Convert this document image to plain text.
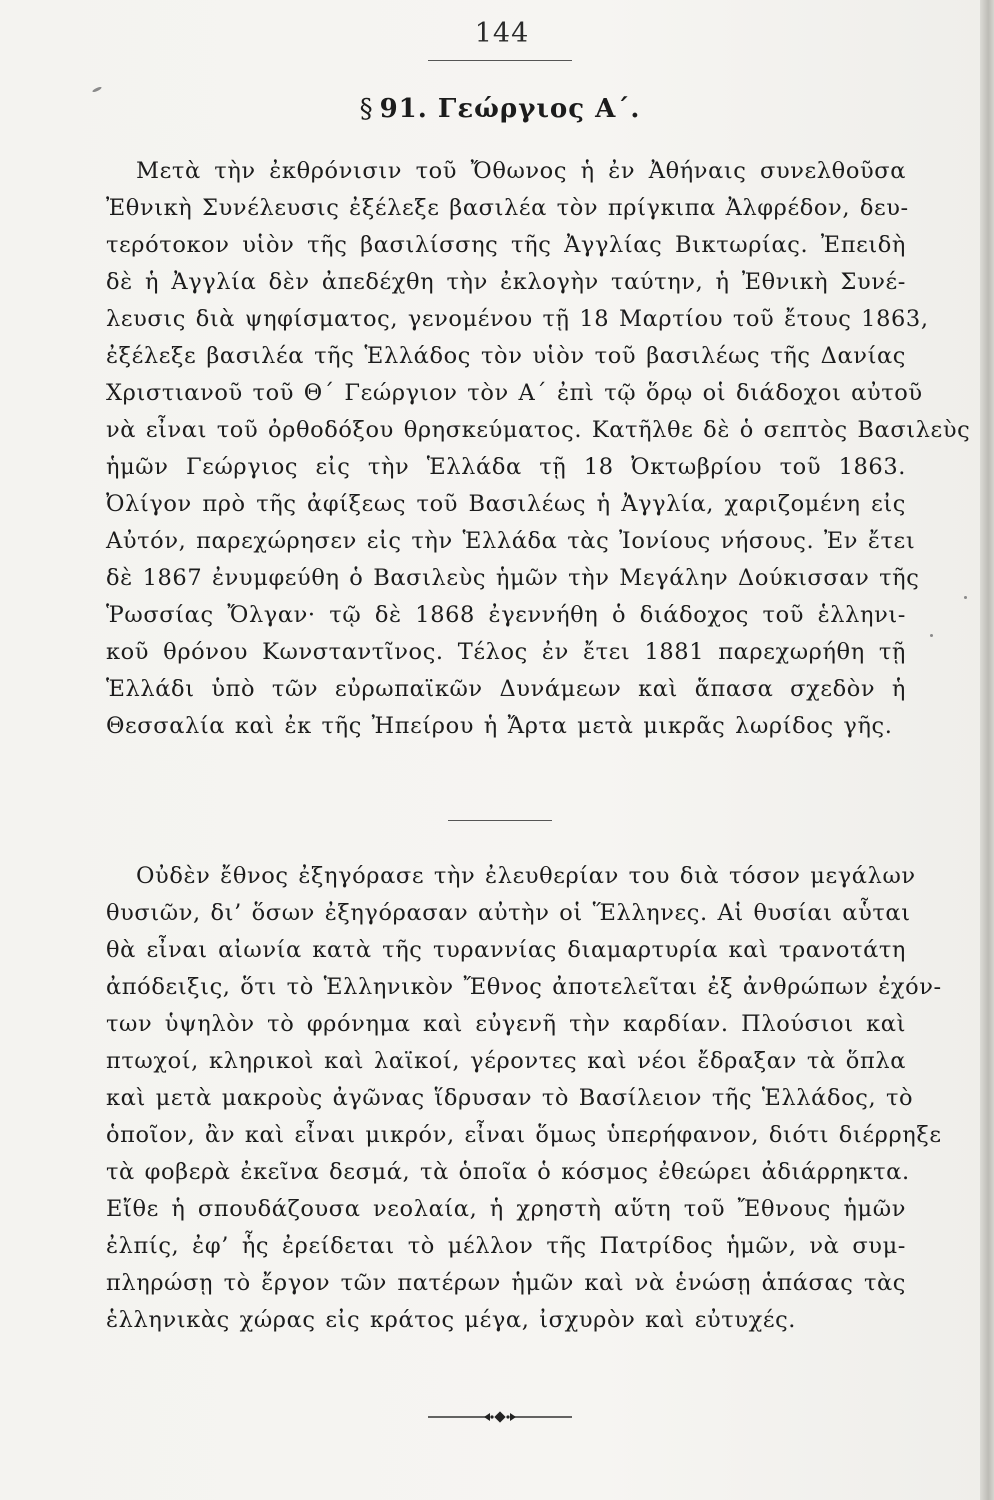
144
§ 91. Γεώργιος Α΄.
Μετὰ τὴν ἐκθρόνισιν τοῦ Ὄθωνος ἡ ἐν Ἀθήναις συνελθοῦσα
Ἐθνικὴ Συνέλευσις ἐξέλεξε βασιλέα τὸν πρίγκιπα Ἀλφρέδον, δευ-
τερότοκον υἱὸν τῆς βασιλίσσης τῆς Ἀγγλίας Βικτωρίας. Ἐπειδὴ
δὲ ἡ Ἀγγλία δὲν ἀπεδέχθη τὴν ἐκλογὴν ταύτην, ἡ Ἐθνικὴ Συνέ-
λευσις διὰ ψηφίσματος, γενομένου τῇ 18 Μαρτίου τοῦ ἔτους 1863,
ἐξέλεξε βασιλέα τῆς Ἑλλάδος τὸν υἱὸν τοῦ βασιλέως τῆς Δανίας
Χριστιανοῦ τοῦ Θ΄ Γεώργιον τὸν Α΄ ἐπὶ τῷ ὅρῳ οἱ διάδοχοι αὐτοῦ
νὰ εἶναι τοῦ ὀρθοδόξου θρησκεύματος. Κατῆλθε δὲ ὁ σεπτὸς Βασιλεὺς
ἡμῶν Γεώργιος εἰς τὴν Ἑλλάδα τῇ 18 Ὀκτωβρίου τοῦ 1863.
Ὀλίγον πρὸ τῆς ἀφίξεως τοῦ Βασιλέως ἡ Ἀγγλία, χαριζομένη εἰς
Αὐτόν, παρεχώρησεν εἰς τὴν Ἑλλάδα τὰς Ἰονίους νήσους. Ἐν ἔτει
δὲ 1867 ἐνυμφεύθη ὁ Βασιλεὺς ἡμῶν τὴν Μεγάλην Δούκισσαν τῆς
Ῥωσσίας Ὄλγαν· τῷ δὲ 1868 ἐγεννήθη ὁ διάδοχος τοῦ ἑλληνι-
κοῦ θρόνου Κωνσταντῖνος. Τέλος ἐν ἔτει 1881 παρεχωρήθη τῇ
Ἑλλάδι ὑπὸ τῶν εὐρωπαϊκῶν Δυνάμεων καὶ ἅπασα σχεδὸν ἡ
Θεσσαλία καὶ ἐκ τῆς Ἠπείρου ἡ Ἄρτα μετὰ μικρᾶς λωρίδος γῆς.
Οὐδὲν ἔθνος ἐξηγόρασε τὴν ἐλευθερίαν του διὰ τόσον μεγάλων
θυσιῶν, δι’ ὅσων ἐξηγόρασαν αὐτὴν οἱ Ἕλληνες. Αἱ θυσίαι αὗται
θὰ εἶναι αἰωνία κατὰ τῆς τυραννίας διαμαρτυρία καὶ τρανοτάτη
ἀπόδειξις, ὅτι τὸ Ἑλληνικὸν Ἔθνος ἀποτελεῖται ἐξ ἀνθρώπων ἐχόν-
των ὑψηλὸν τὸ φρόνημα καὶ εὐγενῆ τὴν καρδίαν. Πλούσιοι καὶ
πτωχοί, κληρικοὶ καὶ λαϊκοί, γέροντες καὶ νέοι ἔδραξαν τὰ ὅπλα
καὶ μετὰ μακροὺς ἀγῶνας ἵδρυσαν τὸ Βασίλειον τῆς Ἑλλάδος, τὸ
ὁποῖον, ἂν καὶ εἶναι μικρόν, εἶναι ὅμως ὑπερήφανον, διότι διέρρηξε
τὰ φοβερὰ ἐκεῖνα δεσμά, τὰ ὁποῖα ὁ κόσμος ἐθεώρει ἀδιάρρηκτα.
Εἴθε ἡ σπουδάζουσα νεολαία, ἡ χρηστὴ αὕτη τοῦ Ἔθνους ἡμῶν
ἐλπίς, ἐφ’ ἧς ἐρείδεται τὸ μέλλον τῆς Πατρίδος ἡμῶν, νὰ συμ-
πληρώσῃ τὸ ἔργον τῶν πατέρων ἡμῶν καὶ νὰ ἑνώσῃ ἁπάσας τὰς
ἑλληνικὰς χώρας εἰς κράτος μέγα, ἰσχυρὸν καὶ εὐτυχές.
